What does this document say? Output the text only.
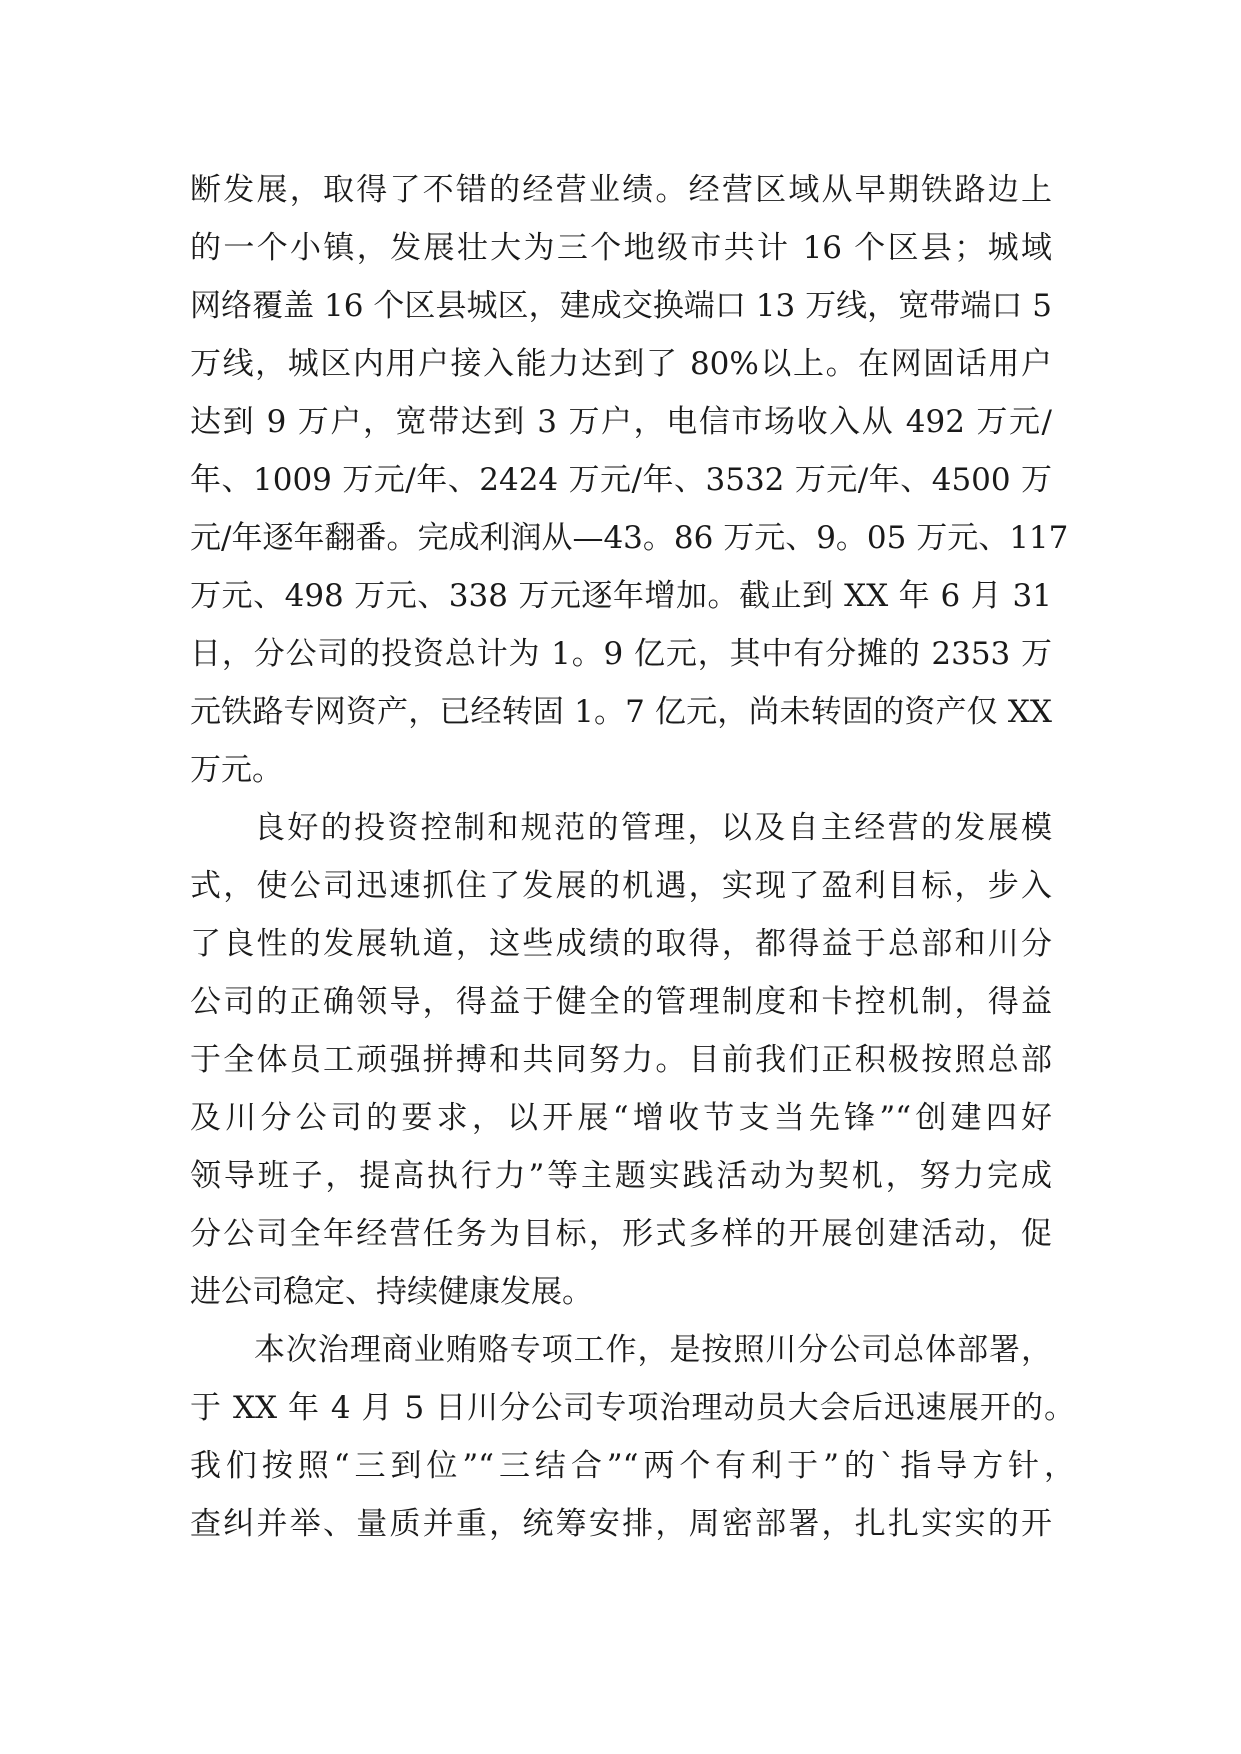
断发展，取得了不错的经营业绩。经营区域从早期铁路边上
的一个小镇，发展壮大为三个地级市共计 16 个区县；城域
网络覆盖 16 个区县城区，建成交换端口 13 万线，宽带端口 5
万线，城区内用户接入能力达到了 80%以上。在网固话用户
达到 9 万户，宽带达到 3 万户，电信市场收入从 492 万元/
年、1009 万元/年、2424 万元/年、3532 万元/年、4500 万
元/年逐年翻番。完成利润从—43。86 万元、9。05 万元、117
万元、498 万元、338 万元逐年增加。截止到 XX 年 6 月 31
日，分公司的投资总计为 1。9 亿元，其中有分摊的 2353 万
元铁路专网资产，已经转固 1。7 亿元，尚未转固的资产仅 XX
万元。
良好的投资控制和规范的管理，以及自主经营的发展模
式，使公司迅速抓住了发展的机遇，实现了盈利目标，步入
了良性的发展轨道，这些成绩的取得，都得益于总部和川分
公司的正确领导，得益于健全的管理制度和卡控机制，得益
于全体员工顽强拼搏和共同努力。目前我们正积极按照总部
及川分公司的要求，以开展“增收节支当先锋”“创建四好
领导班子，提高执行力”等主题实践活动为契机，努力完成
分公司全年经营任务为目标，形式多样的开展创建活动，促
进公司稳定、持续健康发展。
本次治理商业贿赂专项工作，是按照川分公司总体部署，
于 XX 年 4 月 5 日川分公司专项治理动员大会后迅速展开的。
我们按照“三到位”“三结合”“两个有利于”的`指导方针，
查纠并举、量质并重，统筹安排，周密部署，扎扎实实的开
